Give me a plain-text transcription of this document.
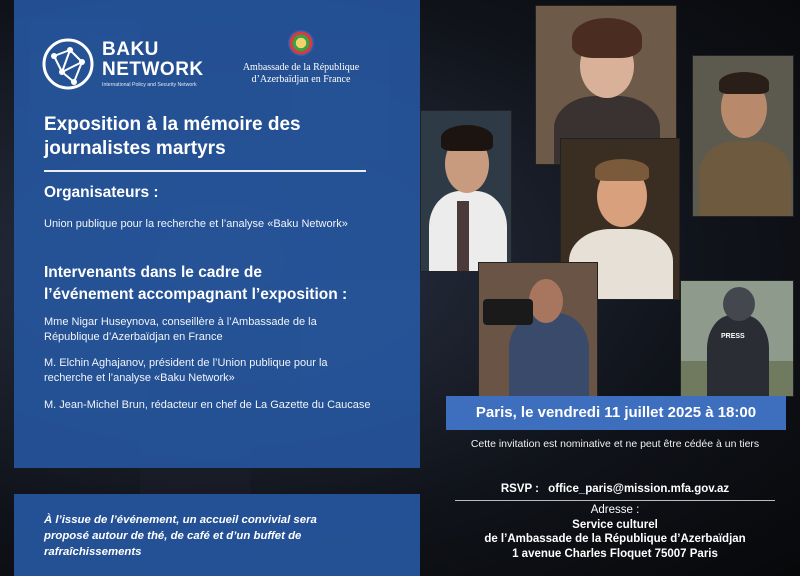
BAKU
NETWORK
International Policy and Security Network
Ambassade de la République
d’Azerbaïdjan en France
Exposition à la mémoire des
journalistes martyrs
Organisateurs :
Union publique pour la recherche et l’analyse «Baku Network»
Intervenants dans le cadre de
l’événement accompagnant l’exposition :
Mme Nigar Huseynova, conseillère à l’Ambassade de la République d’Azerbaïdjan en France
M. Elchin Aghajanov, président de l’Union publique pour la recherche et l’analyse «Baku Network»
M. Jean-Michel Brun, rédacteur en chef de La Gazette du Caucase
À l’issue de l’événement, un accueil convivial sera proposé autour de thé, de café et d’un buffet de rafraîchissements
PRESS
Paris, le vendredi 11 juillet 2025 à 18:00
Cette invitation est nominative et ne peut être cédée à un tiers
RSVP : office_paris@mission.mfa.gov.az
Adresse :
Service culturel
de l’Ambassade de la République d’Azerbaïdjan
1 avenue Charles Floquet 75007 Paris
